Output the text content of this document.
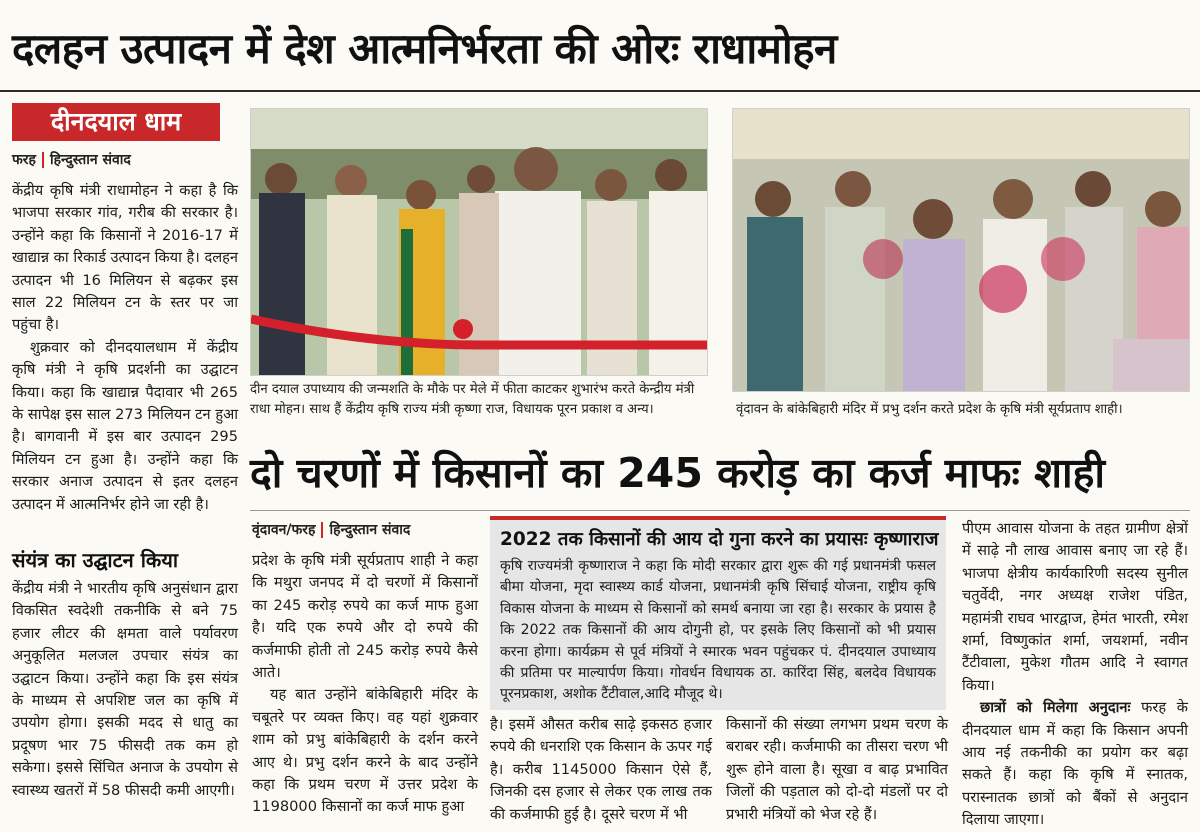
दलहन उत्पादन में देश आत्मनिर्भरता की ओरः राधामोहन
दीनदयाल धाम
फरह हिन्दुस्तान संवाद

केंद्रीय कृषि मंत्री राधामोहन ने कहा है कि भाजपा सरकार गांव, गरीब की सरकार है। उन्होंने कहा कि किसानों ने 2016-17 में खाद्यान्न का रिकार्ड उत्पादन किया है। दलहन उत्पादन भी 16 मिलियन से बढ़कर इस साल 22 मिलियन टन के स्तर पर जा पहुंचा है।

शुक्रवार को दीनदयालधाम में केंद्रीय कृषि मंत्री ने कृषि प्रदर्शनी का उद्घाटन किया। कहा कि खाद्यान्न पैदावार भी 265 के सापेक्ष इस साल 273 मिलियन टन हुआ है। बागवानी में इस बार उत्पादन 295 मिलियन टन हुआ है। उन्होंने कहा कि सरकार अनाज उत्पादन से इतर दलहन उत्पादन में आत्मनिर्भर होने जा रही है।

संयंत्र का उद्घाटन किया

केंद्रीय मंत्री ने भारतीय कृषि अनुसंधान द्वारा विकसित स्वदेशी तकनीकि से बने 75 हजार लीटर की क्षमता वाले पर्यावरण अनुकूलित मलजल उपचार संयंत्र का उद्घाटन किया। उन्होंने कहा कि इस संयंत्र के माध्यम से अपशिष्ट जल का कृषि में उपयोग होगा। इसकी मदद से धातु का प्रदूषण भार 75 फीसदी तक कम हो सकेगा। इससे सिंचित अनाज के उपयोग से स्वास्थ्य खतरों में 58 फीसदी कमी आएगी।

दीन दयाल उपाध्याय की जन्मशति के मौके पर मेले में फीता काटकर शुभारंभ करते केन्द्रीय मंत्री राधा मोहन। साथ हैं केंद्रीय कृषि राज्य मंत्री कृष्णा राज, विधायक पूरन प्रकाश व अन्य।	वृंदावन के बांकेबिहारी मंदिर में प्रभु दर्शन करते प्रदेश के कृषि मंत्री सूर्यप्रताप शाही।
दो चरणों में किसानों का 245 करोड़ का कर्ज माफः शाही
वृंदावन/फरह हिन्दुस्तान संवाद

प्रदेश के कृषि मंत्री सूर्यप्रताप शाही ने कहा कि मथुरा जनपद में दो चरणों में किसानों का 245 करोड़ रुपये का कर्ज माफ हुआ है। यदि एक रुपये और दो रुपये की कर्जमाफी होती तो 245 करोड़ रुपये कैसे आते।

यह बात उन्होंने बांकेबिहारी मंदिर के चबूतरे पर व्यक्त किए। वह यहां शुक्रवार शाम को प्रभु बांकेबिहारी के दर्शन करने आए थे। प्रभु दर्शन करने के बाद उन्होंने कहा कि प्रथम चरण में उत्तर प्रदेश के 1198000 किसानों का कर्ज माफ हुआ

2022 तक किसानों की आय दो गुना करने का प्रयासः कृष्णाराज
कृषि राज्यमंत्री कृष्णाराज ने कहा कि मोदी सरकार द्वारा शुरू की गई प्रधानमंत्री फसल बीमा योजना, मृदा स्वास्थ्य कार्ड योजना, प्रधानमंत्री कृषि सिंचाई योजना, राष्ट्रीय कृषि विकास योजना के माध्यम से किसानों को समर्थ बनाया जा रहा है। सरकार के प्रयास है कि 2022 तक किसानों की आय दोगुनी हो, पर इसके लिए किसानों को भी प्रयास करना होगा। कार्यक्रम से पूर्व मंत्रियों ने स्मारक भवन पहुंचकर पं. दीनदयाल उपाध्याय की प्रतिमा पर माल्यार्पण किया। गोवर्धन विधायक ठा. कारिंदा सिंह, बलदेव विधायक पूरनप्रकाश, अशोक टैंटीवाल,आदि मौजूद थे।

है। इसमें औसत करीब साढ़े इकसठ हजार रुपये की धनराशि एक किसान के ऊपर गई है। करीब 1145000 किसान ऐसे हैं, जिनकी दस हजार से लेकर एक लाख तक की कर्जमाफी हुई है। दूसरे चरण में भी

किसानों की संख्या लगभग प्रथम चरण के बराबर रही। कर्जमाफी का तीसरा चरण भी शुरू होने वाला है। सूखा व बाढ़ प्रभावित जिलों की पड़ताल को दो-दो मंडलों पर दो प्रभारी मंत्रियों को भेज रहे हैं।

पीएम आवास योजना के तहत ग्रामीण क्षेत्रों में साढ़े नौ लाख आवास बनाए जा रहे हैं। भाजपा क्षेत्रीय कार्यकारिणी सदस्य सुनील चतुर्वेदी, नगर अध्यक्ष राजेश पंडित, महामंत्री राघव भारद्वाज, हेमंत भारती, रमेश शर्मा, विष्णुकांत शर्मा, जयशर्मा, नवीन टैंटीवाला, मुकेश गौतम आदि ने स्वागत किया।

छात्रों को मिलेगा अनुदानः फरह के दीनदयाल धाम में कहा कि किसान अपनी आय नई तकनीकी का प्रयोग कर बढ़ा सकते हैं। कहा कि कृषि में स्नातक, परास्नातक छात्रों को बैंकों से अनुदान दिलाया जाएगा।
